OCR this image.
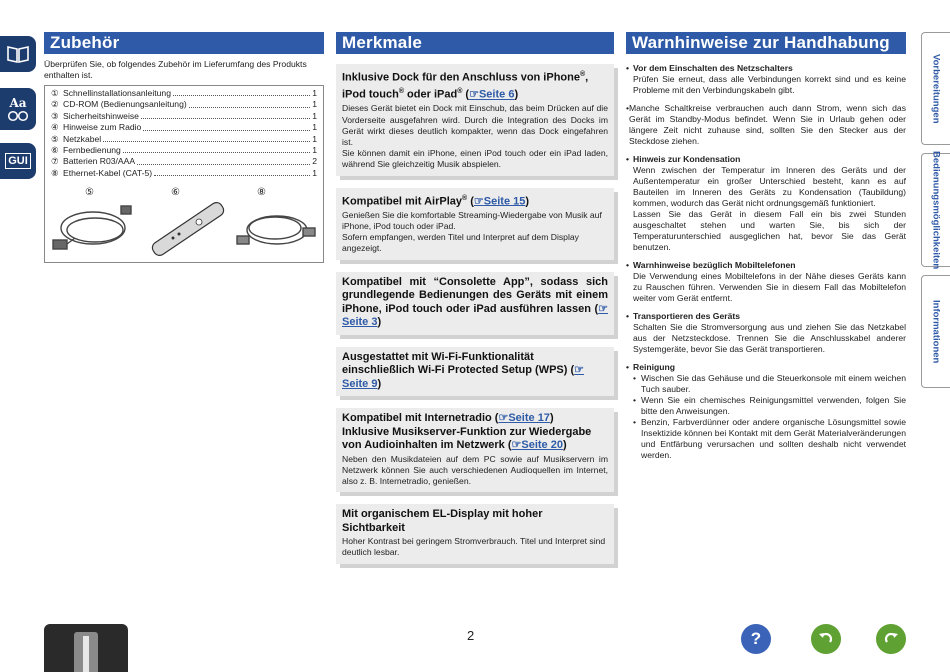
Aa
GUI
Zubehör
Überprüfen Sie, ob folgendes Zubehör im Lieferumfang des Produkts enthalten ist.
① Schnellinstallationsanleitung	1
② CD-ROM (Bedienungsanleitung)	1
③ Sicherheitshinweise	1
④ Hinweise zum Radio	1
⑤ Netzkabel	1
⑥ Fernbedienung	1
⑦ Batterien R03/AAA	2
⑧ Ethernet-Kabel (CAT-5)	1
⑤	⑥	⑧
Merkmale
Inklusive Dock für den Anschluss von iPhone®, iPod touch® oder iPad® (☞Seite 6)
Dieses Gerät bietet ein Dock mit Einschub, das beim Drücken auf die Vorderseite ausgefahren wird. Durch die Integration des Docks im Gerät wirkt dieses deutlich kompakter, wenn das Dock eingefahren ist.
Sie können damit ein iPhone, einen iPod touch oder ein iPad laden, während Sie gleichzeitig Musik abspielen.
Kompatibel mit AirPlay® (☞Seite 15)
Genießen Sie die komfortable Streaming-Wiedergabe von Musik auf iPhone, iPod touch oder iPad.
Sofern empfangen, werden Titel und Interpret auf dem Display angezeigt.
Kompatibel mit “Consolette App”, sodass sich grundlegende Bedienungen des Geräts mit einem iPhone, iPod touch oder iPad ausführen lassen (☞Seite 3)
Ausgestattet mit Wi-Fi-Funktionalität einschließlich Wi-Fi Protected Setup (WPS) (☞Seite 9)
Kompatibel mit Internetradio (☞Seite 17)
Inklusive Musikserver-Funktion zur Wiedergabe von Audioinhalten im Netzwerk (☞Seite 20)
Neben den Musikdateien auf dem PC sowie auf Musikservern im Netzwerk können Sie auch verschiedenen Audioquellen im Internet, also z. B. Internetradio, genießen.
Mit organischem EL-Display mit hoher Sichtbarkeit
Hoher Kontrast bei geringem Stromverbrauch. Titel und Interpret sind deutlich lesbar.
Warnhinweise zur Handhabung
• Vor dem Einschalten des Netzschalters
Prüfen Sie erneut, dass alle Verbindungen korrekt sind und es keine Probleme mit den Verbindungskabeln gibt.
• Manche Schaltkreise verbrauchen auch dann Strom, wenn sich das Gerät im Standby-Modus befindet. Wenn Sie in Urlaub gehen oder längere Zeit nicht zuhause sind, sollten Sie den Stecker aus der Steckdose ziehen.
• Hinweis zur Kondensation
Wenn zwischen der Temperatur im Inneren des Geräts und der Außentemperatur ein großer Unterschied besteht, kann es auf Bauteilen im Inneren des Geräts zu Kondensation (Taubildung) kommen, wodurch das Gerät nicht ordnungsgemäß funktioniert.
Lassen Sie das Gerät in diesem Fall ein bis zwei Stunden ausgeschaltet stehen und warten Sie, bis sich der Temperaturunterschied ausgeglichen hat, bevor Sie das Gerät benutzen.
• Warnhinweise bezüglich Mobiltelefonen
Die Verwendung eines Mobiltelefons in der Nähe dieses Geräts kann zu Rauschen führen. Verwenden Sie in diesem Fall das Mobiltelefon weiter vom Gerät entfernt.
• Transportieren des Geräts
Schalten Sie die Stromversorgung aus und ziehen Sie das Netzkabel aus der Netzsteckdose. Trennen Sie die Anschlusskabel anderer Systemgeräte, bevor Sie das Gerät transportieren.
• Reinigung
• Wischen Sie das Gehäuse und die Steuerkonsole mit einem weichen Tuch sauber.
• Wenn Sie ein chemisches Reinigungsmittel verwenden, folgen Sie bitte den Anweisungen.
• Benzin, Farbverdünner oder andere organische Lösungsmittel sowie Insektizide können bei Kontakt mit dem Gerät Materialveränderungen und Entfärbung verursachen und sollten deshalb nicht verwendet werden.
Vorbereitungen
Bedienungsmöglichkeiten
Informationen
2	?
